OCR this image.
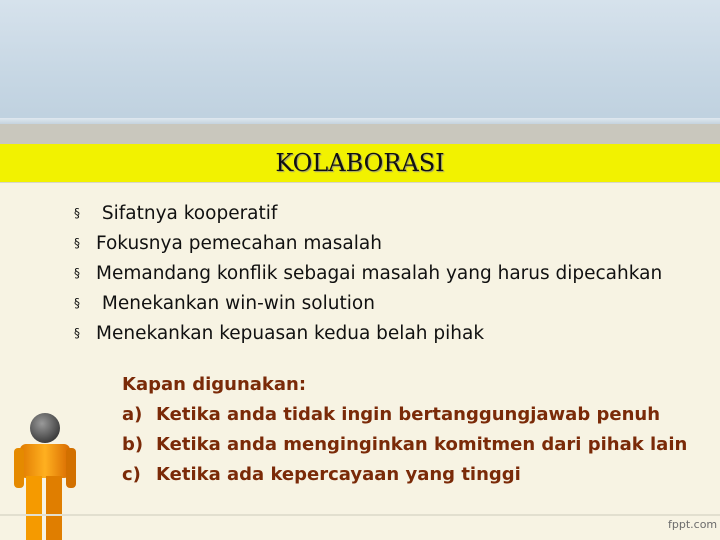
KOLABORASI
§ Sifatnya kooperatif
§ Fokusnya pemecahan masalah
§ Memandang konflik sebagai masalah yang harus dipecahkan
§ Menekankan win-win solution
§ Menekankan kepuasan kedua belah pihak
Kapan digunakan:
a) Ketika anda tidak ingin bertanggungjawab penuh
b) Ketika anda menginginkan komitmen dari pihak lain
c) Ketika ada kepercayaan yang tinggi
fppt.com
